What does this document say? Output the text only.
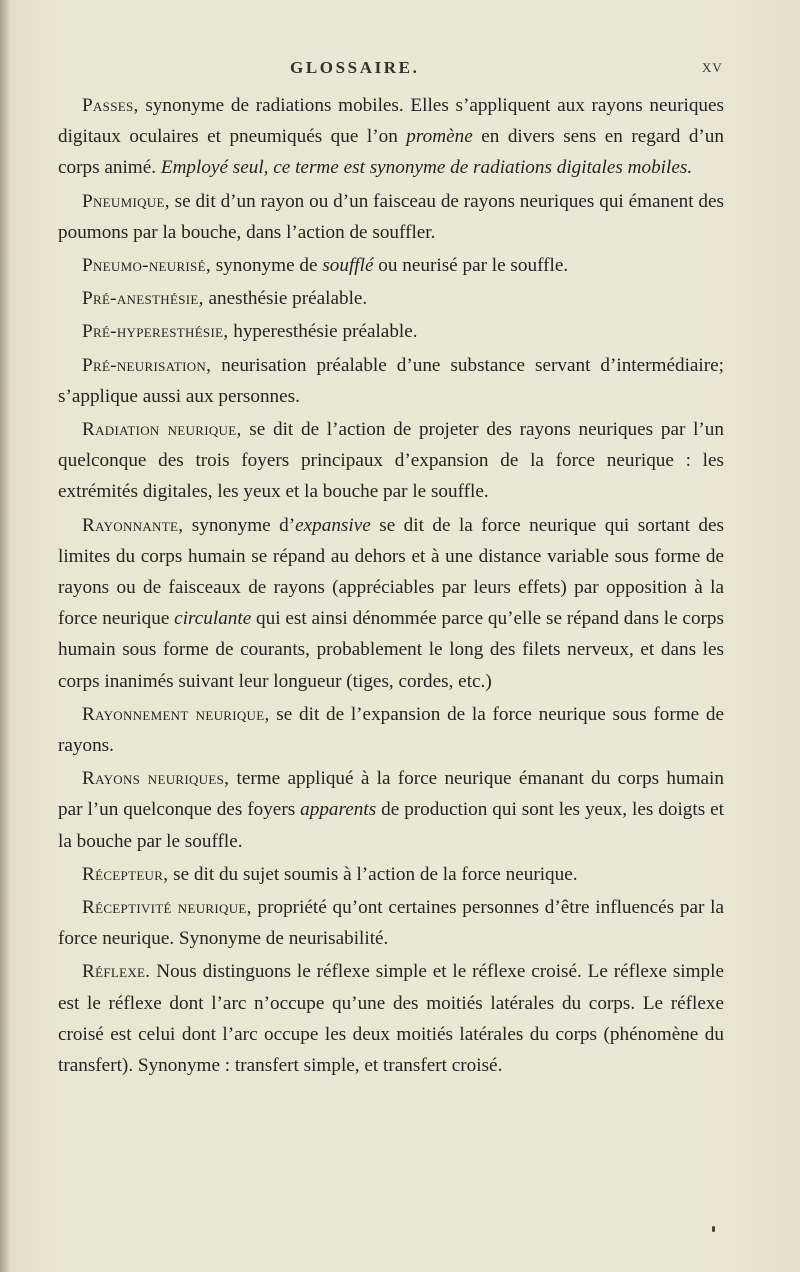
GLOSSAIRE.	XV

Passes, synonyme de radiations mobiles. Elles s’appliquent aux rayons neuriques digitaux oculaires et pneumiqués que l’on promène en divers sens en regard d’un corps animé. Employé seul, ce terme est synonyme de radiations digitales mobiles.

Pneumique, se dit d’un rayon ou d’un faisceau de rayons neuriques qui émanent des poumons par la bouche, dans l’action de souffler.

Pneumo-neurisé, synonyme de soufflé ou neurisé par le souffle.

Pré-anesthésie, anesthésie préalable.

Pré-hyperesthésie, hyperesthésie préalable.

Pré-neurisation, neurisation préalable d’une substance servant d’intermédiaire; s’applique aussi aux personnes.

Radiation neurique, se dit de l’action de projeter des rayons neuriques par l’un quelconque des trois foyers principaux d’expansion de la force neurique : les extrémités digitales, les yeux et la bouche par le souffle.

Rayonnante, synonyme d’expansive se dit de la force neurique qui sortant des limites du corps humain se répand au dehors et à une distance variable sous forme de rayons ou de faisceaux de rayons (appréciables par leurs effets) par opposition à la force neurique circulante qui est ainsi dénommée parce qu’elle se répand dans le corps humain sous forme de courants, probablement le long des filets nerveux, et dans les corps inanimés suivant leur longueur (tiges, cordes, etc.)

Rayonnement neurique, se dit de l’expansion de la force neurique sous forme de rayons.

Rayons neuriques, terme appliqué à la force neurique émanant du corps humain par l’un quelconque des foyers apparents de production qui sont les yeux, les doigts et la bouche par le souffle.

Récepteur, se dit du sujet soumis à l’action de la force neurique.

Réceptivité neurique, propriété qu’ont certaines personnes d’être influencés par la force neurique. Synonyme de neurisabilité.

Réflexe. Nous distinguons le réflexe simple et le réflexe croisé. Le réflexe simple est le réflexe dont l’arc n’occupe qu’une des moitiés latérales du corps. Le réflexe croisé est celui dont l’arc occupe les deux moitiés latérales du corps (phénomène du transfert). Synonyme : transfert simple, et transfert croisé.
